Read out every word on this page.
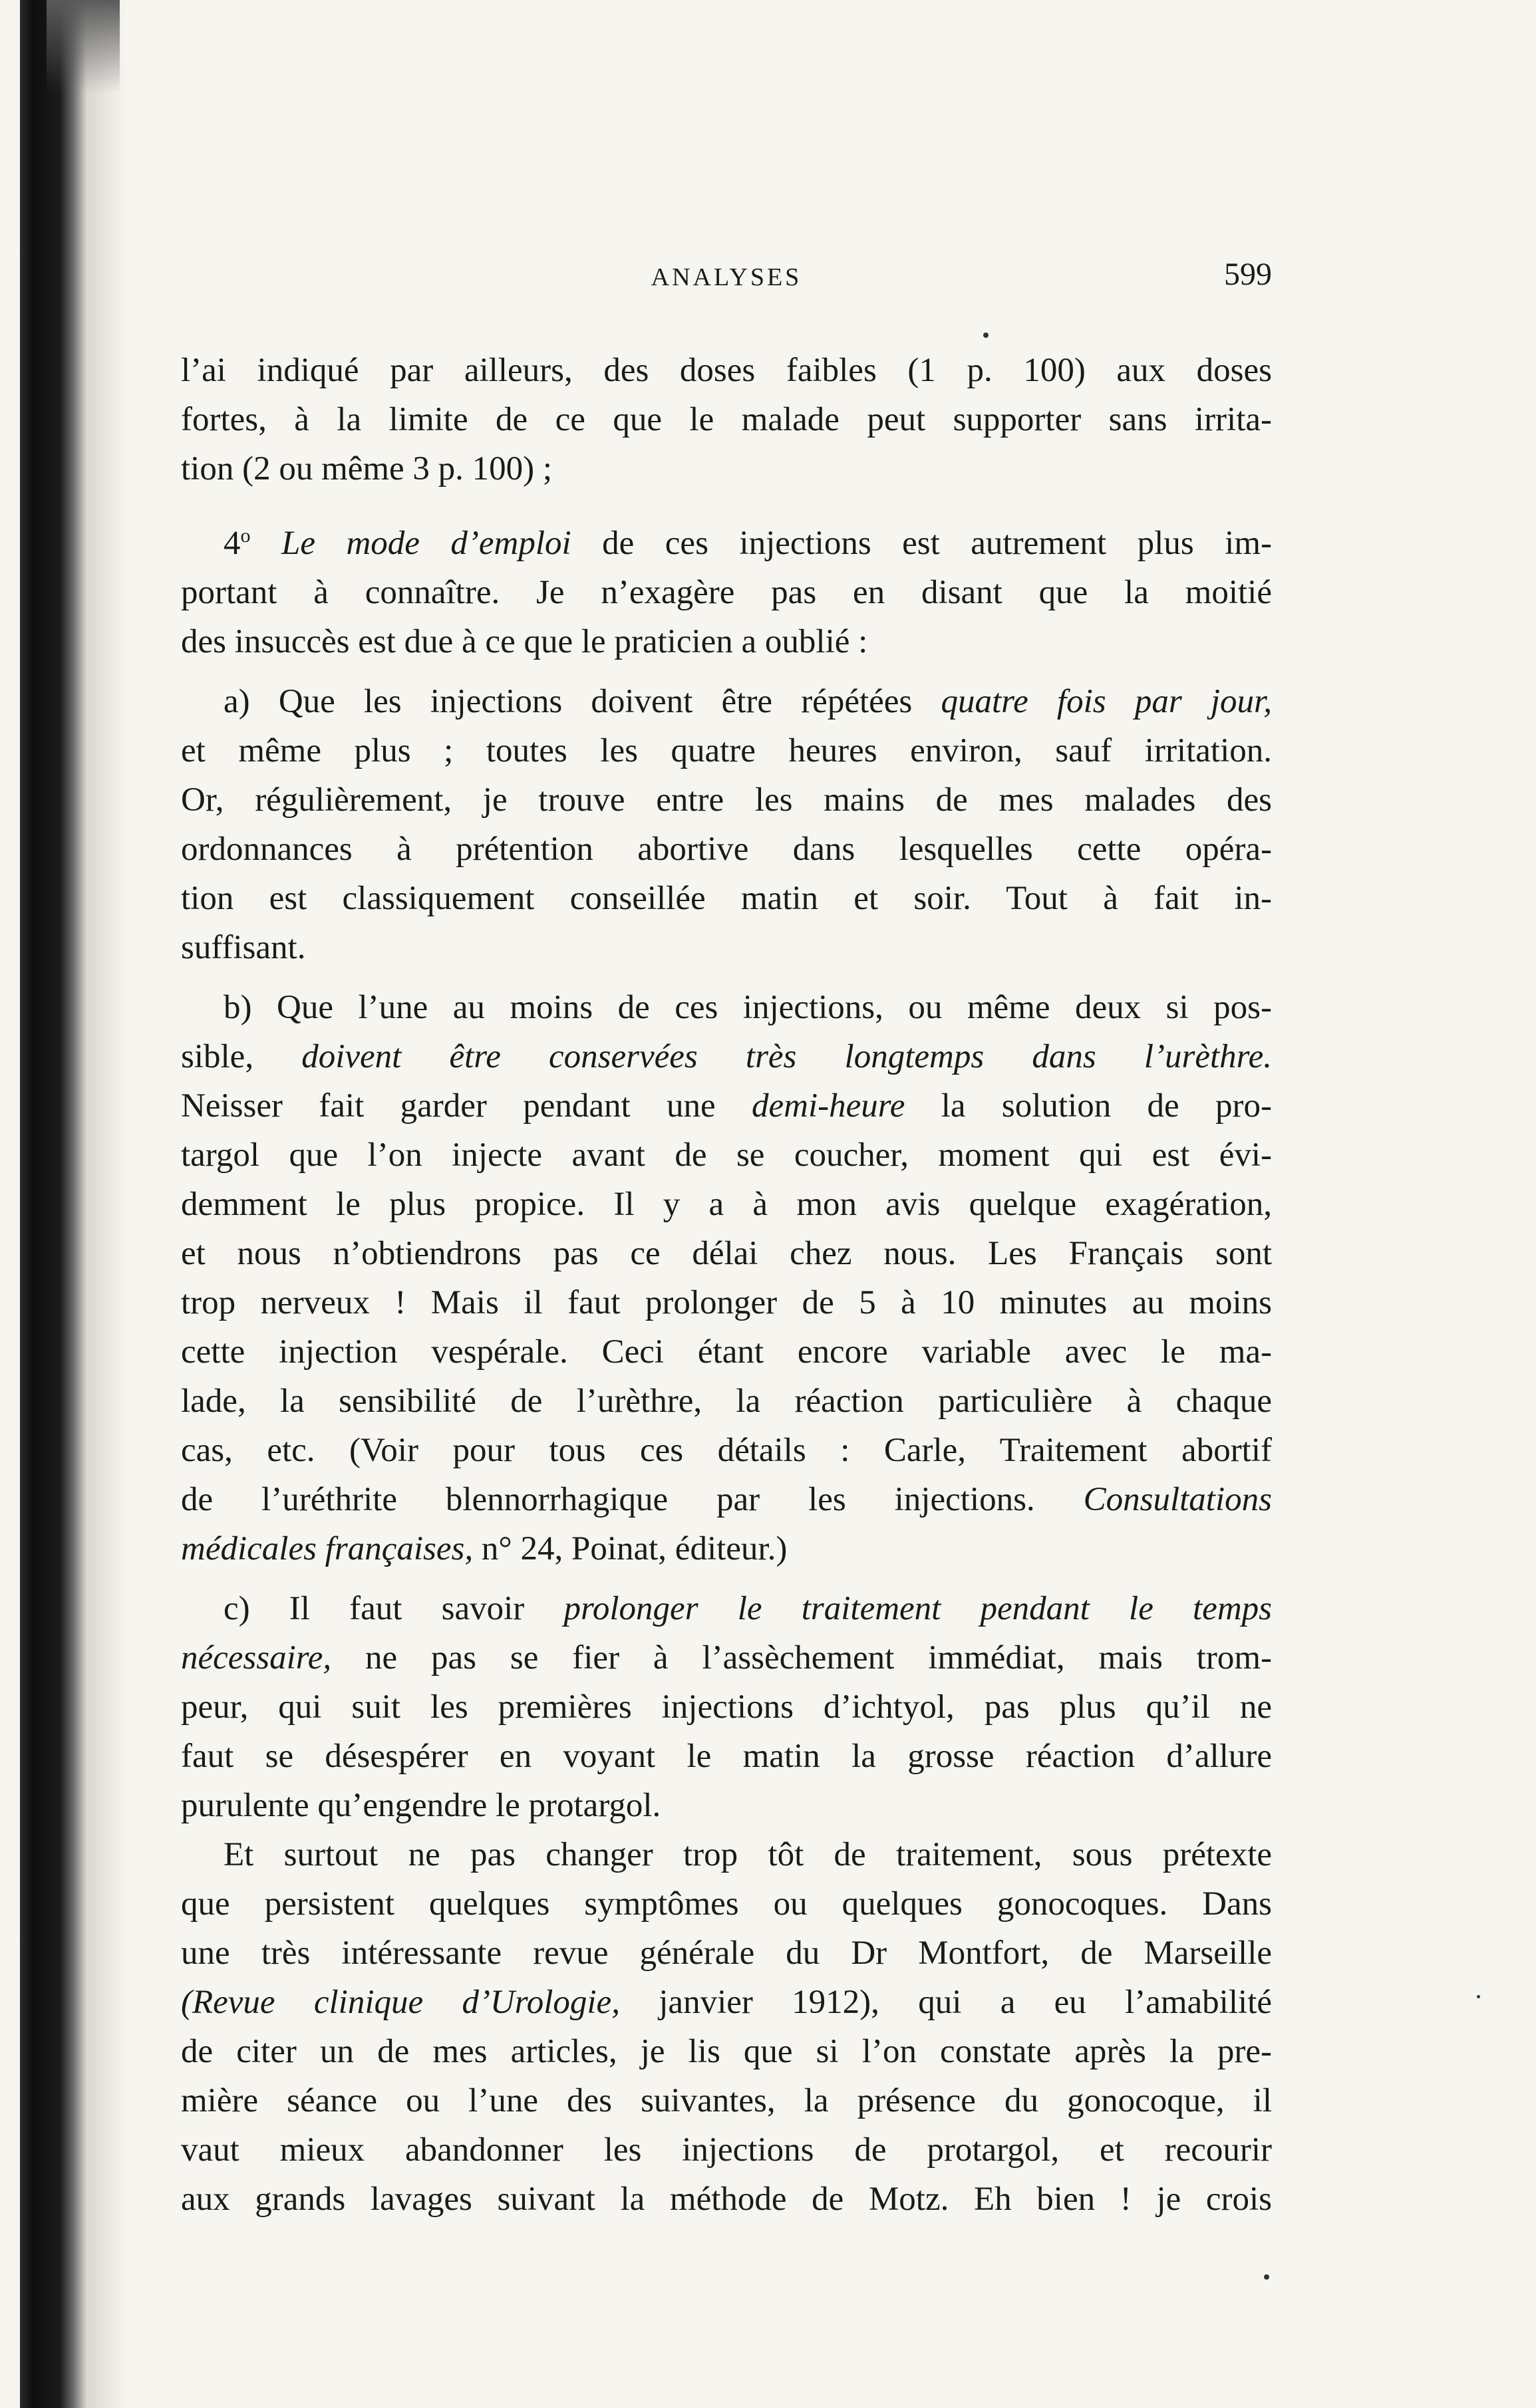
ANALYSES	599
l’ai indiqué par ailleurs, des doses faibles (1 p. 100) aux doses
fortes, à la limite de ce que le malade peut supporter sans irrita-
tion (2 ou même 3 p. 100) ;
4$^o$ Le mode d’emploi de ces injections est autrement plus im-
portant à connaître. Je n’exagère pas en disant que la moitié
des insuccès est due à ce que le praticien a oublié :
a) Que les injections doivent être répétées quatre fois par jour,
et même plus ; toutes les quatre heures environ, sauf irritation.
Or, régulièrement, je trouve entre les mains de mes malades des
ordonnances à prétention abortive dans lesquelles cette opéra-
tion est classiquement conseillée matin et soir. Tout à fait in-
suffisant.
b) Que l’une au moins de ces injections, ou même deux si pos-
sible, doivent être conservées très longtemps dans l’urèthre.
Neisser fait garder pendant une demi-heure la solution de pro-
targol que l’on injecte avant de se coucher, moment qui est évi-
demment le plus propice. Il y a à mon avis quelque exagération,
et nous n’obtiendrons pas ce délai chez nous. Les Français sont
trop nerveux ! Mais il faut prolonger de 5 à 10 minutes au moins
cette injection vespérale. Ceci étant encore variable avec le ma-
lade, la sensibilité de l’urèthre, la réaction particulière à chaque
cas, etc. (Voir pour tous ces détails : Carle, Traitement abortif
de l’uréthrite blennorrhagique par les injections. Consultations
médicales françaises, n° 24, Poinat, éditeur.)
c) Il faut savoir prolonger le traitement pendant le temps
nécessaire, ne pas se fier à l’assèchement immédiat, mais trom-
peur, qui suit les premières injections d’ichtyol, pas plus qu’il ne
faut se désespérer en voyant le matin la grosse réaction d’allure
purulente qu’engendre le protargol.
Et surtout ne pas changer trop tôt de traitement, sous prétexte
que persistent quelques symptômes ou quelques gonocoques. Dans
une très intéressante revue générale du Dr Montfort, de Marseille
(Revue clinique d’Urologie, janvier 1912), qui a eu l’amabilité
de citer un de mes articles, je lis que si l’on constate après la pre-
mière séance ou l’une des suivantes, la présence du gonocoque, il
vaut mieux abandonner les injections de protargol, et recourir
aux grands lavages suivant la méthode de Motz. Eh bien ! je crois
